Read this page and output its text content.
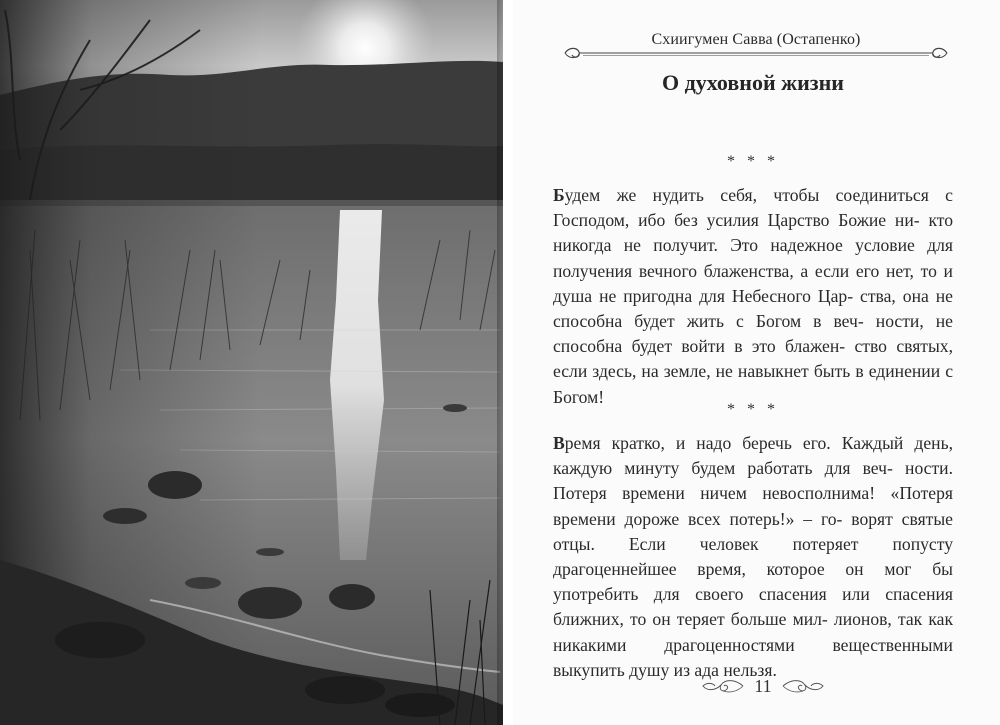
Схиигумен Савва (Остапенко)
О духовной жизни
* * *

Будем же нудить себя, чтобы соединиться с Господом, ибо без усилия Царство Божие ни- кто никогда не получит. Это надежное условие для получения вечного блаженства, а если его нет, то и душа не пригодна для Небесного Цар- ства, она не способна будет жить с Богом в веч- ности, не способна будет войти в это блажен- ство святых, если здесь, на земле, не навыкнет быть в единении с Богом!

* * *

Время кратко, и надо беречь его. Каждый день, каждую минуту будем работать для веч- ности. Потеря времени ничем невосполнима! «Потеря времени дороже всех потерь!» – го- ворят святые отцы. Если человек потеряет попусту драгоценнейшее время, которое он мог бы употребить для своего спасения или спасения ближних, то он теряет больше мил- лионов, так как никакими драгоценностями вещественными выкупить душу из ада нельзя.

11
